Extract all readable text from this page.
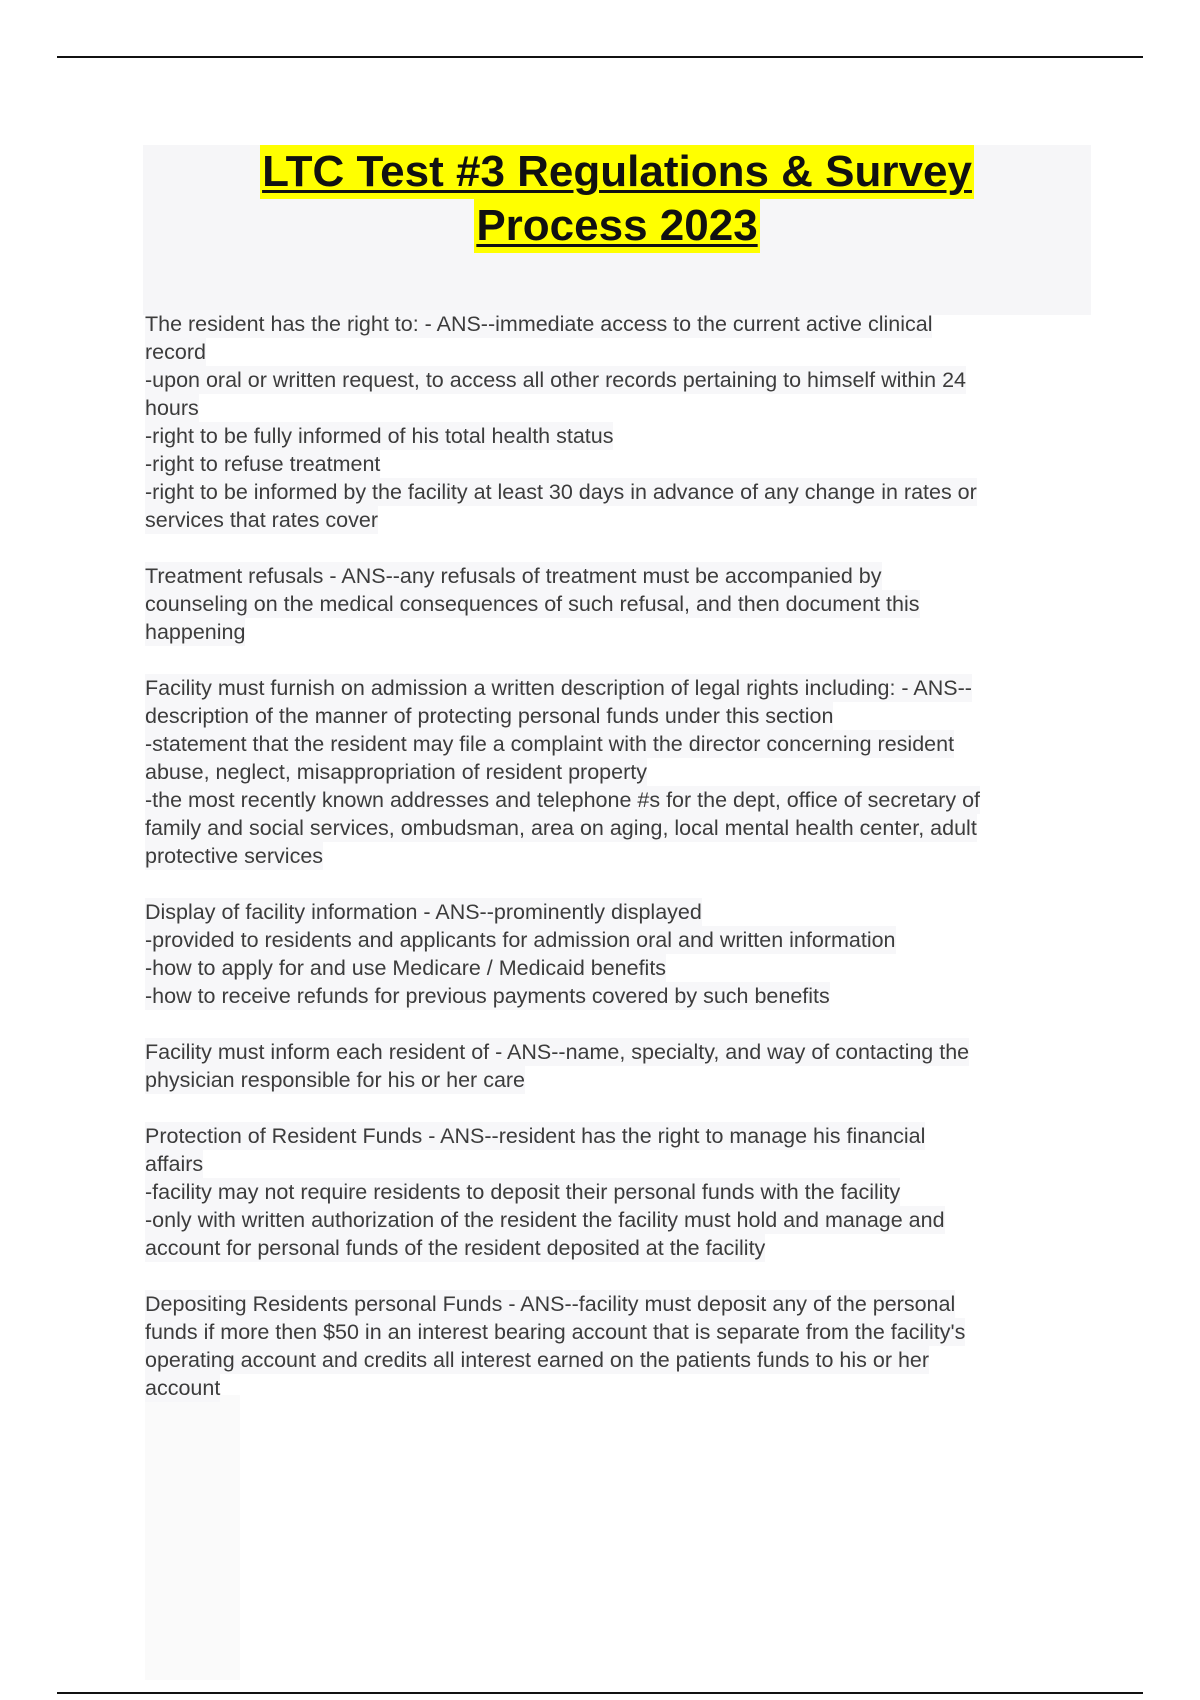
LTC Test #3 Regulations & Survey
Process 2023
The resident has the right to: - ANS--immediate access to the current active clinical
record
-upon oral or written request, to access all other records pertaining to himself within 24
hours
-right to be fully informed of his total health status
-right to refuse treatment
-right to be informed by the facility at least 30 days in advance of any change in rates or
services that rates cover
Treatment refusals - ANS--any refusals of treatment must be accompanied by
counseling on the medical consequences of such refusal, and then document this
happening
Facility must furnish on admission a written description of legal rights including: - ANS--
description of the manner of protecting personal funds under this section
-statement that the resident may file a complaint with the director concerning resident
abuse, neglect, misappropriation of resident property
-the most recently known addresses and telephone #s for the dept, office of secretary of
family and social services, ombudsman, area on aging, local mental health center, adult
protective services
Display of facility information - ANS--prominently displayed
-provided to residents and applicants for admission oral and written information
-how to apply for and use Medicare / Medicaid benefits
-how to receive refunds for previous payments covered by such benefits
Facility must inform each resident of - ANS--name, specialty, and way of contacting the
physician responsible for his or her care
Protection of Resident Funds - ANS--resident has the right to manage his financial
affairs
-facility may not require residents to deposit their personal funds with the facility
-only with written authorization of the resident the facility must hold and manage and
account for personal funds of the resident deposited at the facility
Depositing Residents personal Funds - ANS--facility must deposit any of the personal
funds if more then $50 in an interest bearing account that is separate from the facility's
operating account and credits all interest earned on the patients funds to his or her
account
